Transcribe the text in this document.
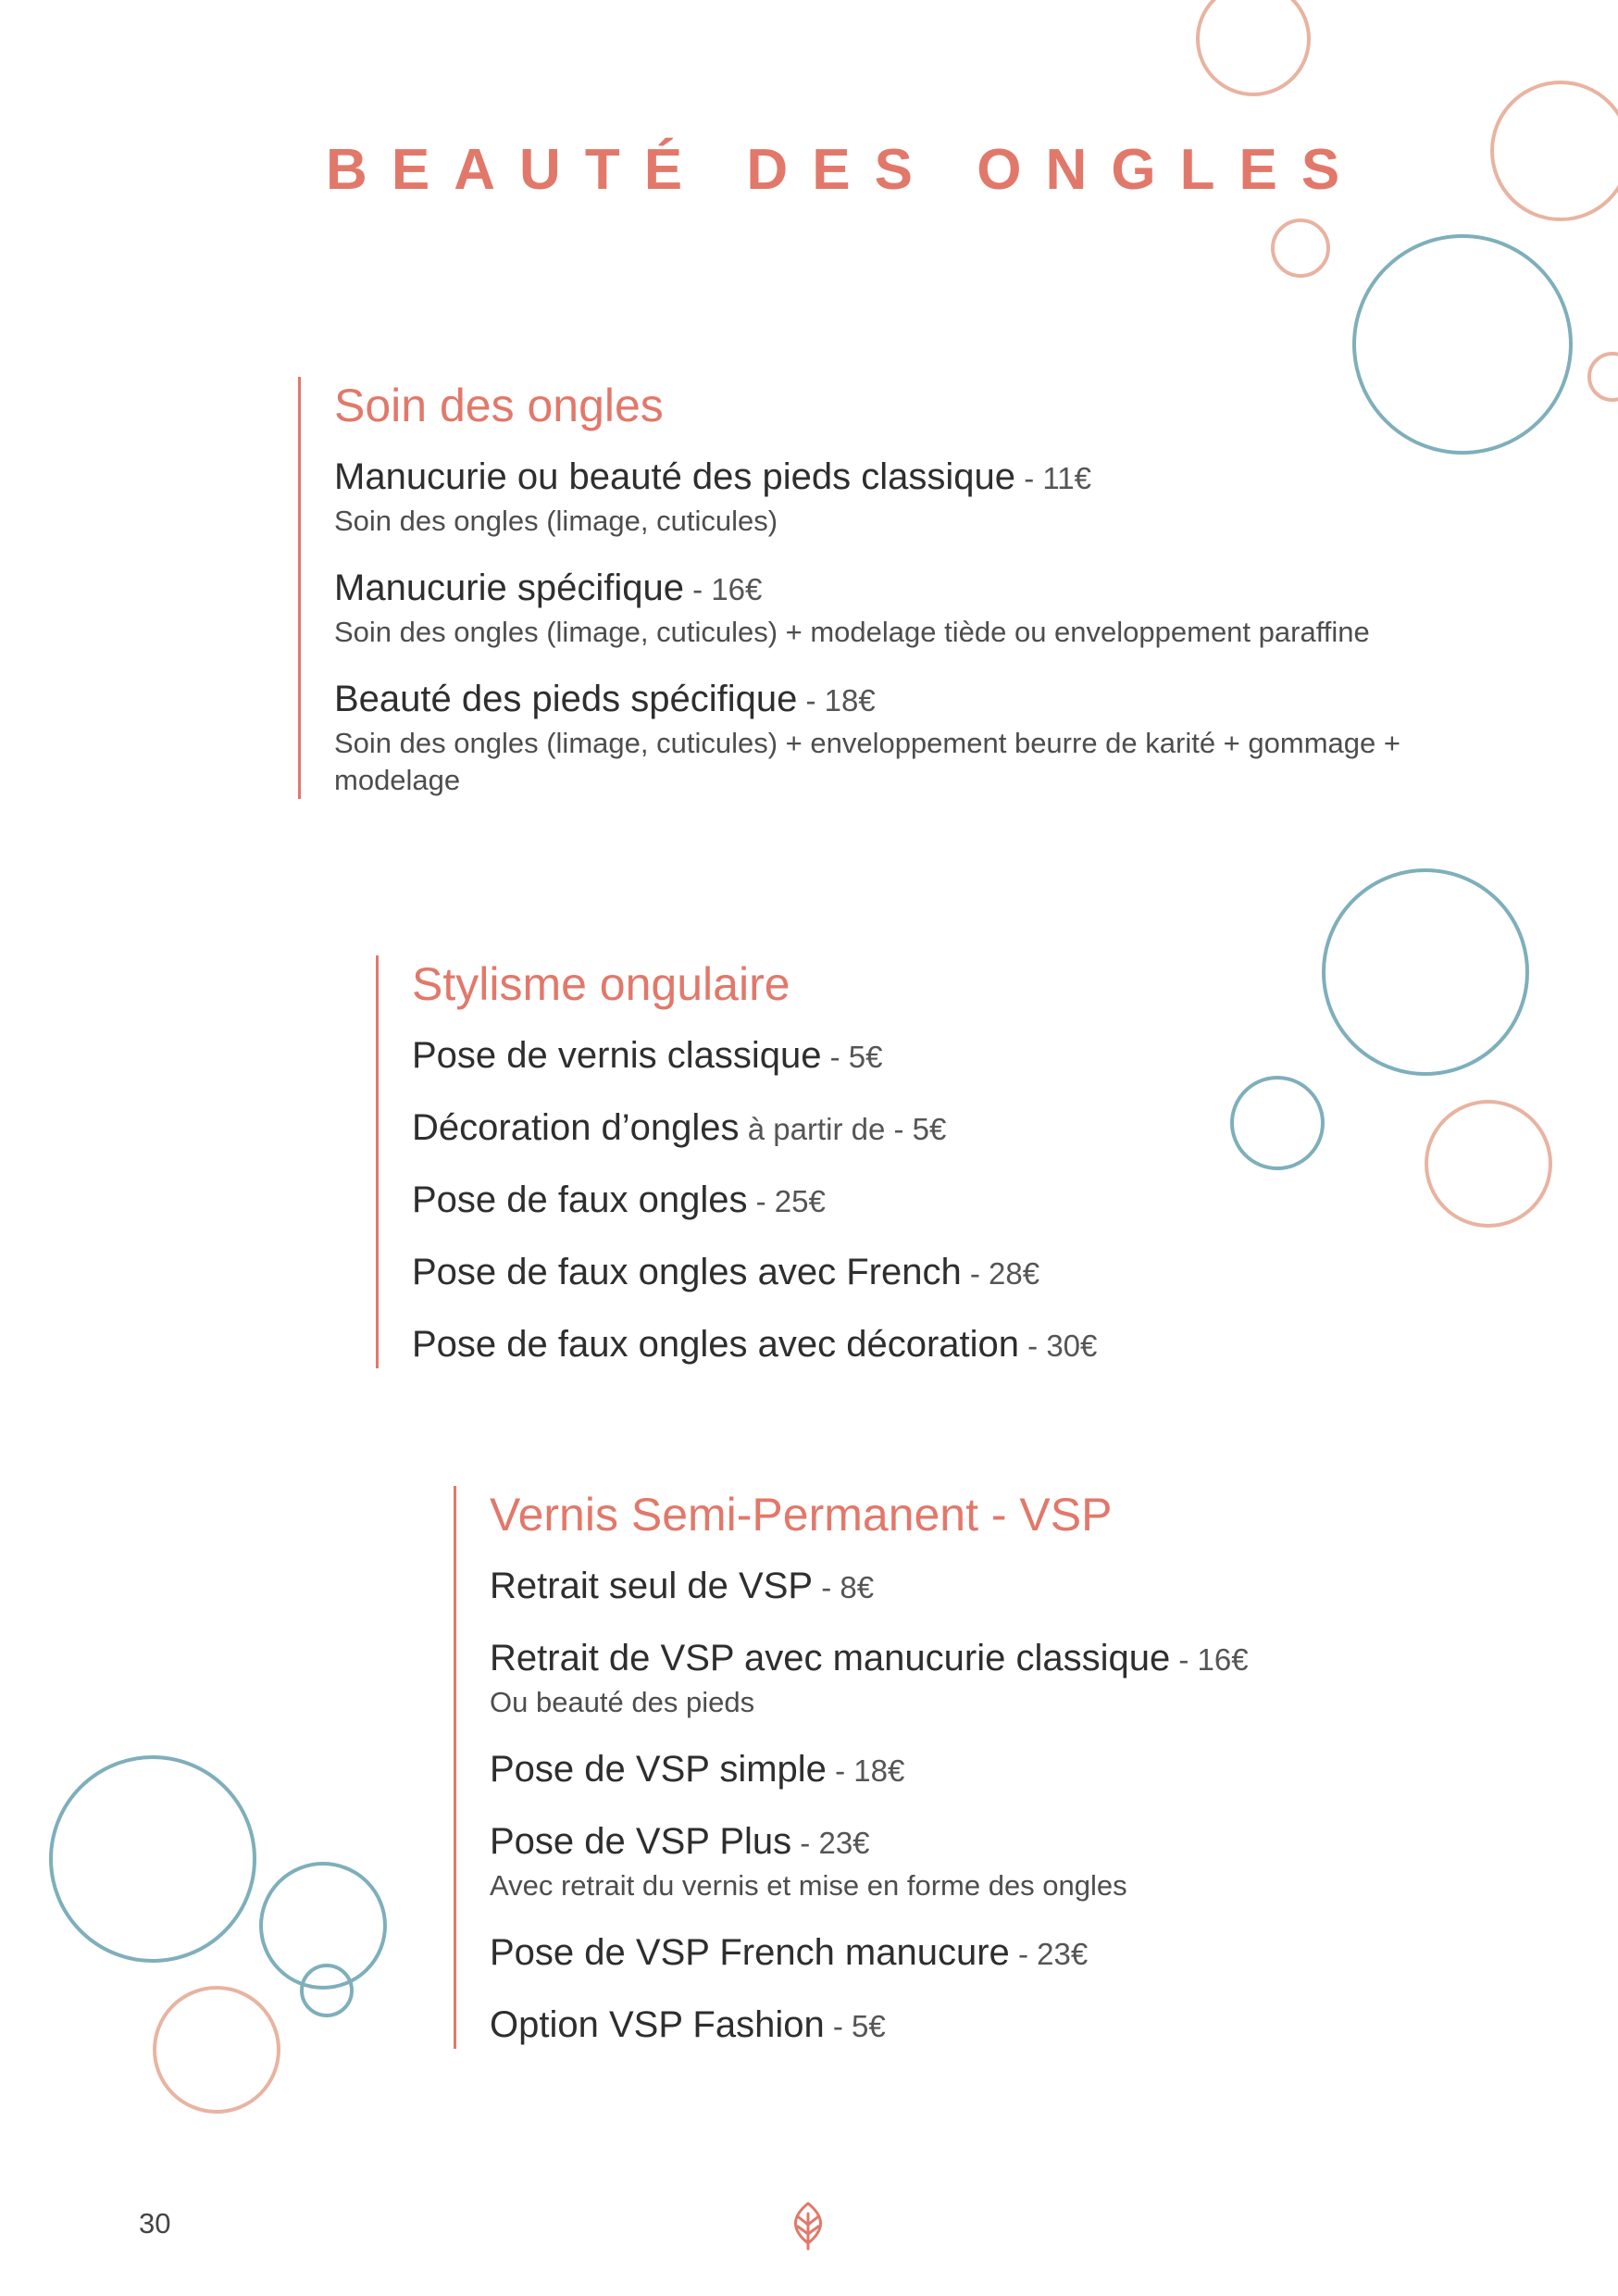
BEAUTÉ DES ONGLES
Soin des ongles
Manucurie ou beauté des pieds classique - 11€
Soin des ongles (limage, cuticules)
Manucurie spécifique - 16€
Soin des ongles (limage, cuticules) + modelage tiède ou enveloppement paraffine
Beauté des pieds spécifique - 18€
Soin des ongles (limage, cuticules) + enveloppement beurre de karité + gommage + modelage
Stylisme ongulaire
Pose de vernis classique - 5€
Décoration d’ongles à partir de - 5€
Pose de faux ongles - 25€
Pose de faux ongles avec French - 28€
Pose de faux ongles avec décoration - 30€
Vernis Semi-Permanent - VSP
Retrait seul de VSP - 8€
Retrait de VSP avec manucurie classique - 16€
Ou beauté des pieds
Pose de VSP simple - 18€
Pose de VSP Plus - 23€
Avec retrait du vernis et mise en forme des ongles
Pose de VSP French manucure - 23€
Option VSP Fashion - 5€

30
